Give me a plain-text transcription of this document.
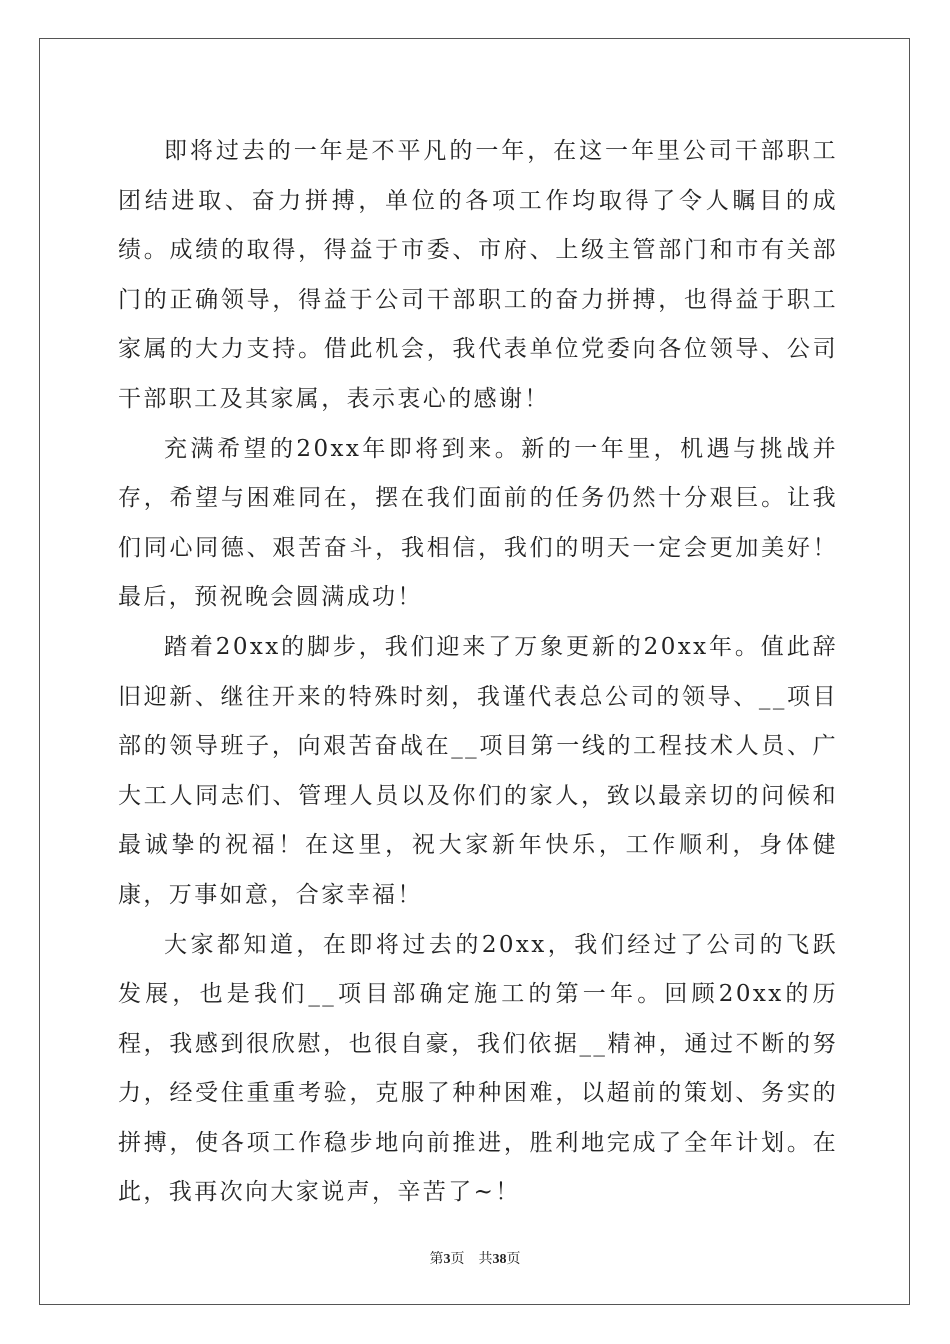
即将过去的一年是不平凡的一年，在这一年里公司干部职工团结进取、奋力拼搏，单位的各项工作均取得了令人瞩目的成绩。成绩的取得，得益于市委、市府、上级主管部门和市有关部门的正确领导，得益于公司干部职工的奋力拼搏，也得益于职工家属的大力支持。借此机会，我代表单位党委向各位领导、公司干部职工及其家属，表示衷心的感谢！

充满希望的20xx年即将到来。新的一年里，机遇与挑战并存，希望与困难同在，摆在我们面前的任务仍然十分艰巨。让我们同心同德、艰苦奋斗，我相信，我们的明天一定会更加美好！最后，预祝晚会圆满成功！

踏着20xx的脚步，我们迎来了万象更新的20xx年。值此辞旧迎新、继往开来的特殊时刻，我谨代表总公司的领导、__项目部的领导班子，向艰苦奋战在__项目第一线的工程技术人员、广大工人同志们、管理人员以及你们的家人，致以最亲切的问候和最诚挚的祝福！在这里，祝大家新年快乐，工作顺利，身体健康，万事如意，合家幸福！

大家都知道，在即将过去的20xx，我们经过了公司的飞跃发展，也是我们__项目部确定施工的第一年。回顾20xx的历程，我感到很欣慰，也很自豪，我们依据__精神，通过不断的努力，经受住重重考验，克服了种种困难，以超前的策划、务实的拼搏，使各项工作稳步地向前推进，胜利地完成了全年计划。在此，我再次向大家说声，辛苦了~！

第3页　共38页
